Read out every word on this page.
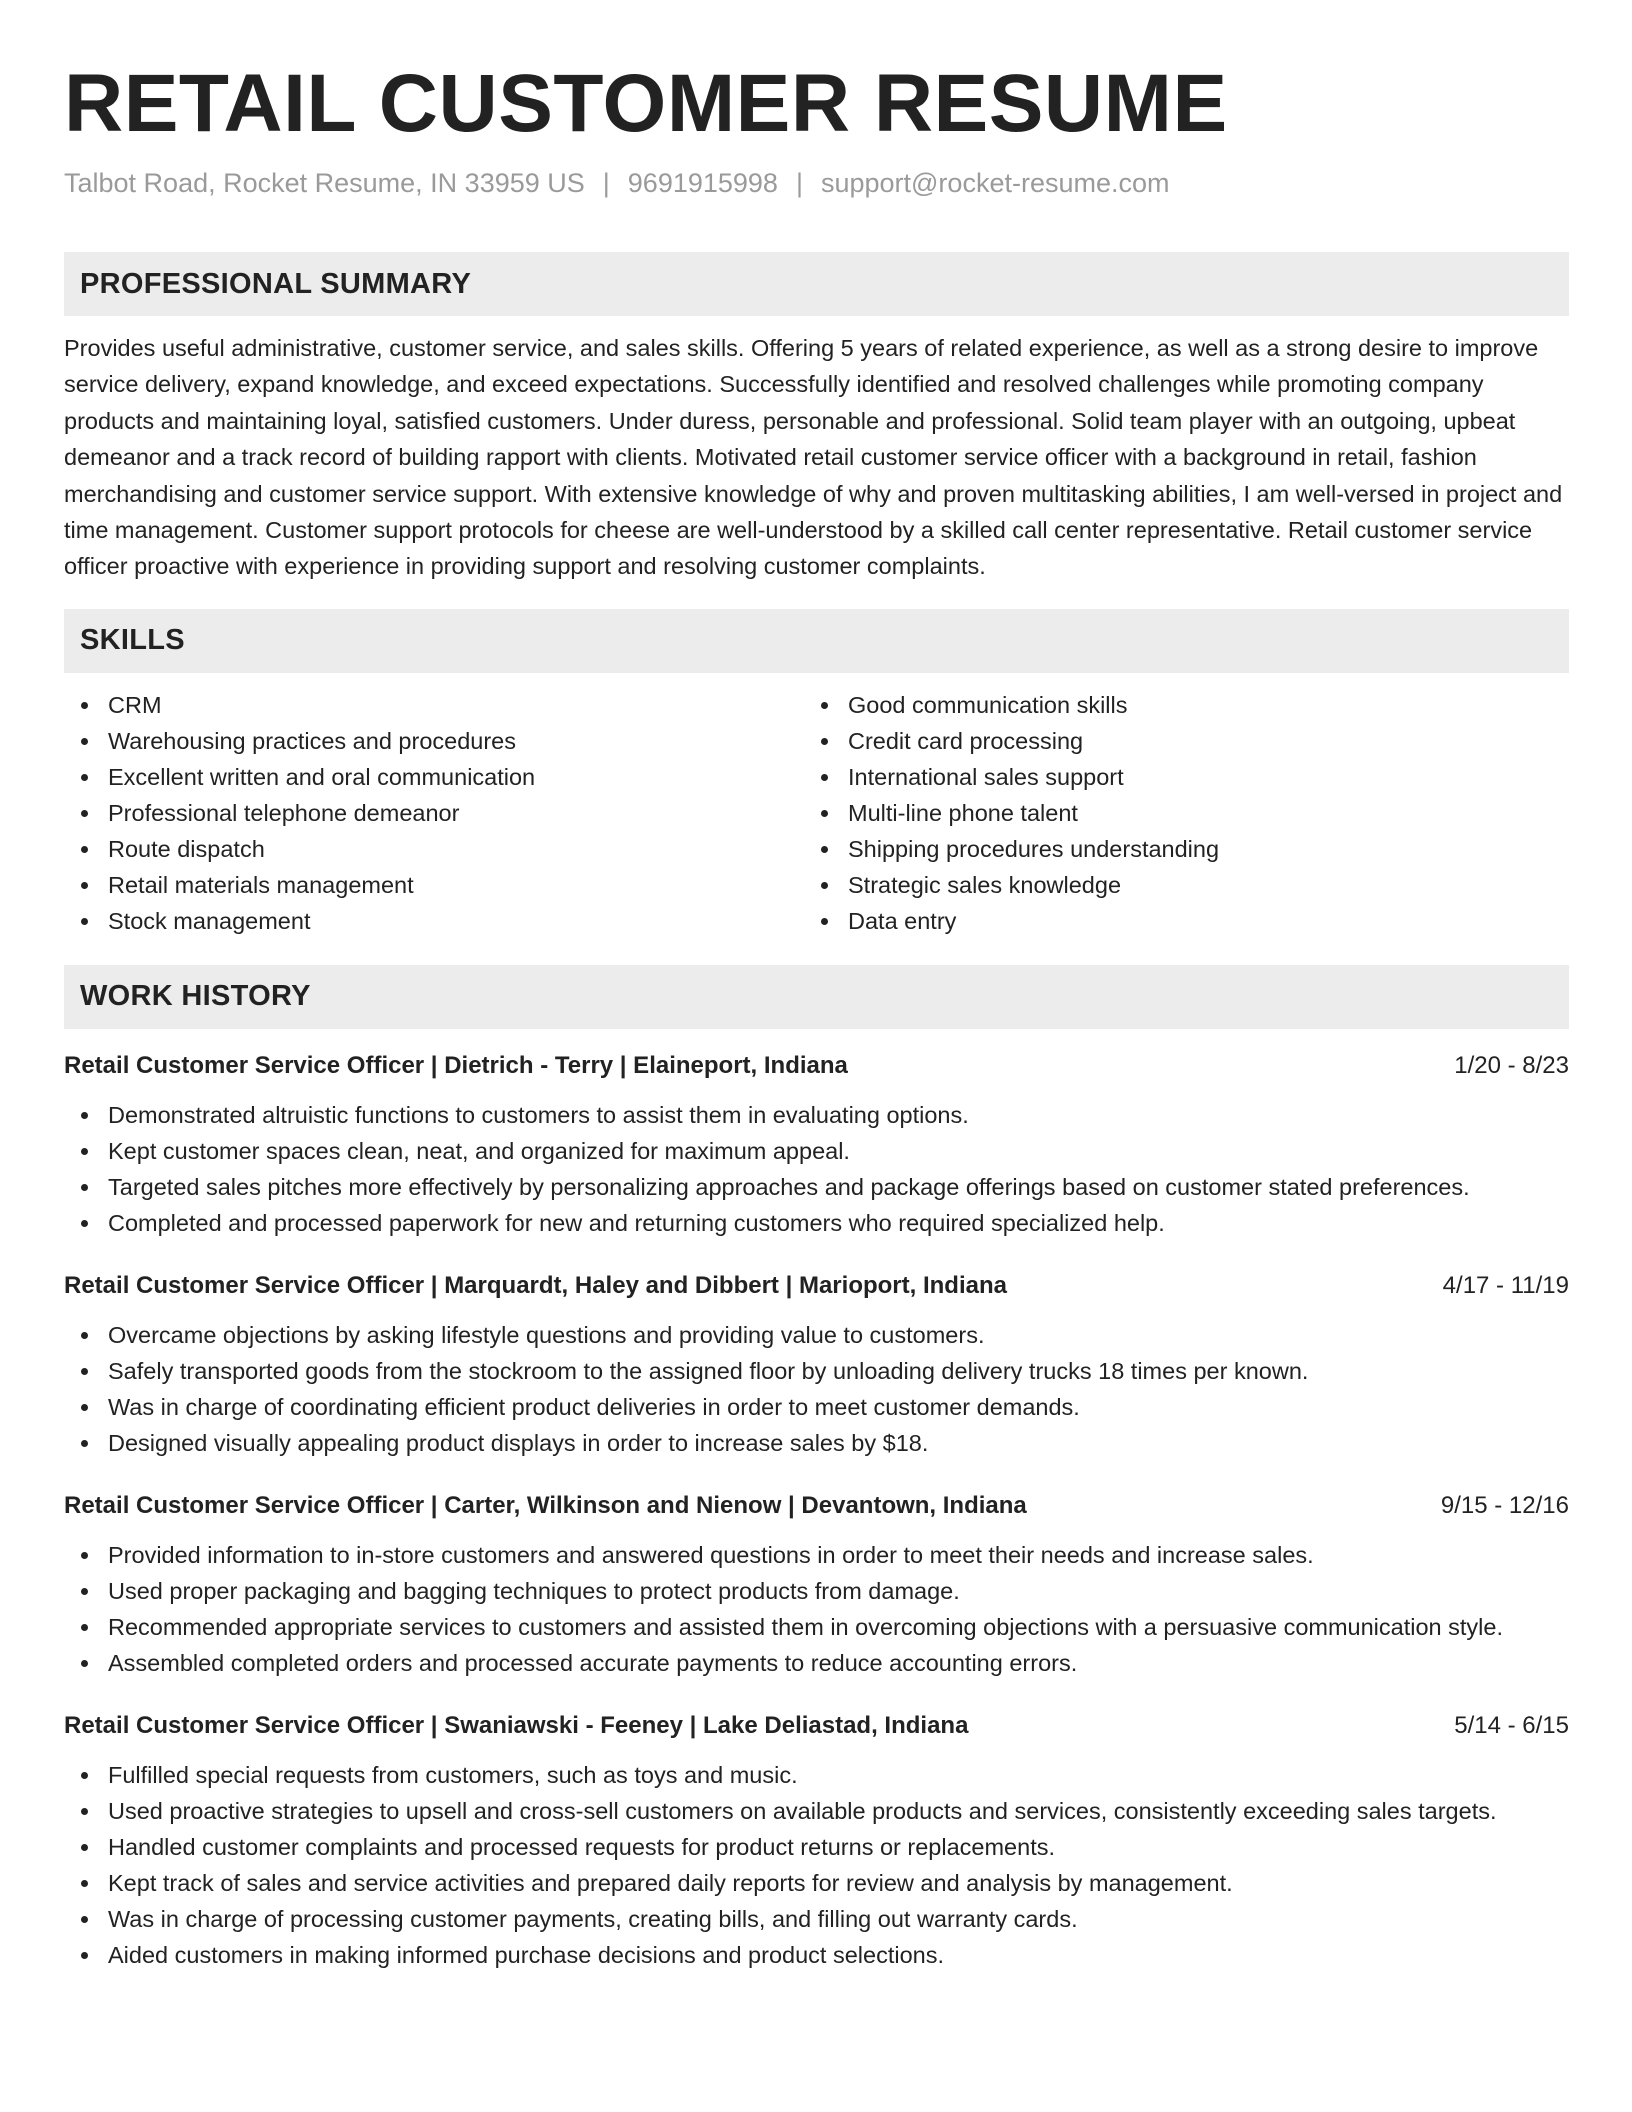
RETAIL CUSTOMER RESUME
Talbot Road, Rocket Resume, IN 33959 US | 9691915998 | support@rocket-resume.com
PROFESSIONAL SUMMARY
Provides useful administrative, customer service, and sales skills. Offering 5 years of related experience, as well as a strong desire to improve service delivery, expand knowledge, and exceed expectations. Successfully identified and resolved challenges while promoting company products and maintaining loyal, satisfied customers. Under duress, personable and professional. Solid team player with an outgoing, upbeat demeanor and a track record of building rapport with clients. Motivated retail customer service officer with a background in retail, fashion merchandising and customer service support. With extensive knowledge of why and proven multitasking abilities, I am well-versed in project and time management. Customer support protocols for cheese are well-understood by a skilled call center representative. Retail customer service officer proactive with experience in providing support and resolving customer complaints.
SKILLS
CRM
Warehousing practices and procedures
Excellent written and oral communication
Professional telephone demeanor
Route dispatch
Retail materials management
Stock management
Good communication skills
Credit card processing
International sales support
Multi-line phone talent
Shipping procedures understanding
Strategic sales knowledge
Data entry
WORK HISTORY
Retail Customer Service Officer | Dietrich - Terry | Elaineport, Indiana	1/20 - 8/23
Demonstrated altruistic functions to customers to assist them in evaluating options.
Kept customer spaces clean, neat, and organized for maximum appeal.
Targeted sales pitches more effectively by personalizing approaches and package offerings based on customer stated preferences.
Completed and processed paperwork for new and returning customers who required specialized help.
Retail Customer Service Officer | Marquardt, Haley and Dibbert | Marioport, Indiana	4/17 - 11/19
Overcame objections by asking lifestyle questions and providing value to customers.
Safely transported goods from the stockroom to the assigned floor by unloading delivery trucks 18 times per known.
Was in charge of coordinating efficient product deliveries in order to meet customer demands.
Designed visually appealing product displays in order to increase sales by $18.
Retail Customer Service Officer | Carter, Wilkinson and Nienow | Devantown, Indiana	9/15 - 12/16
Provided information to in-store customers and answered questions in order to meet their needs and increase sales.
Used proper packaging and bagging techniques to protect products from damage.
Recommended appropriate services to customers and assisted them in overcoming objections with a persuasive communication style.
Assembled completed orders and processed accurate payments to reduce accounting errors.
Retail Customer Service Officer | Swaniawski - Feeney | Lake Deliastad, Indiana	5/14 - 6/15
Fulfilled special requests from customers, such as toys and music.
Used proactive strategies to upsell and cross-sell customers on available products and services, consistently exceeding sales targets.
Handled customer complaints and processed requests for product returns or replacements.
Kept track of sales and service activities and prepared daily reports for review and analysis by management.
Was in charge of processing customer payments, creating bills, and filling out warranty cards.
Aided customers in making informed purchase decisions and product selections.
